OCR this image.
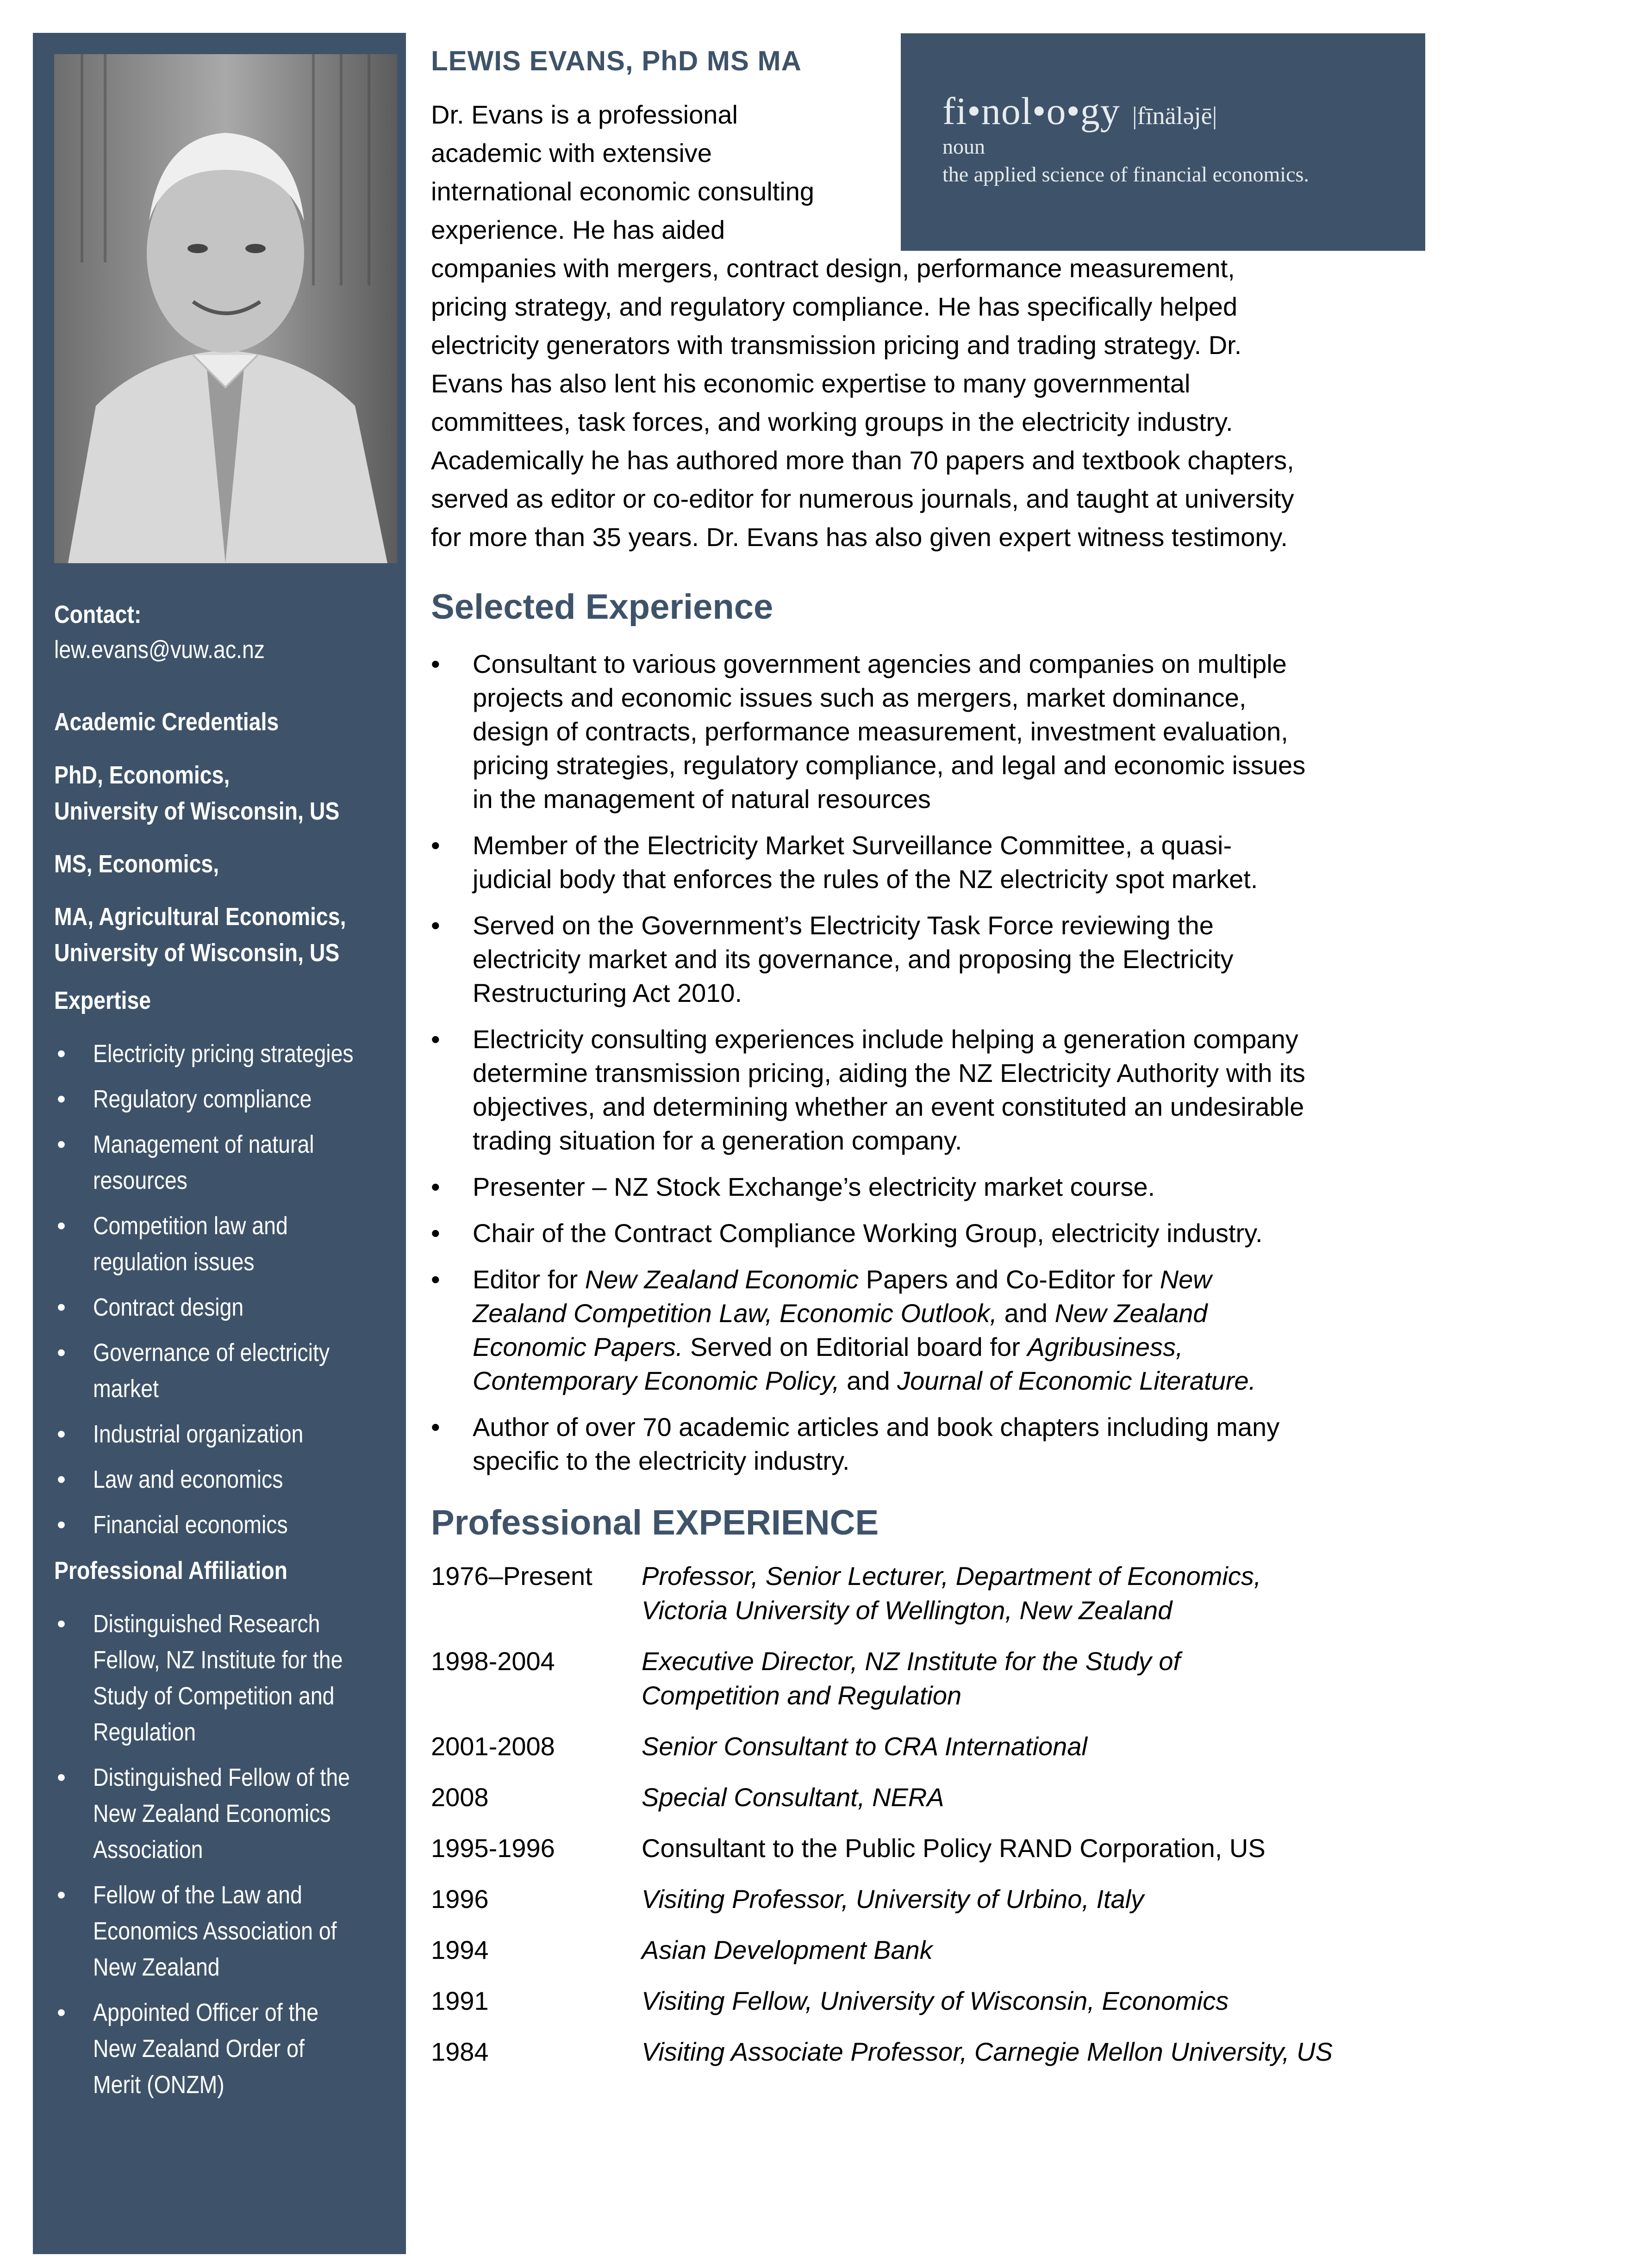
Contact:
lew.evans@vuw.ac.nz
Academic Credentials
PhD, Economics,
University of Wisconsin, US
MS, Economics,
MA, Agricultural Economics,
University of Wisconsin, US
Expertise
•	Electricity pricing strategies
•	Regulatory compliance
•	Management of natural
resources
•	Competition law and
regulation issues
•	Contract design
•	Governance of electricity
market
•	Industrial organization
•	Law and economics
•	Financial economics
Professional Affiliation
•	Distinguished Research
Fellow, NZ Institute for the
Study of Competition and
Regulation
•	Distinguished Fellow of the
New Zealand Economics
Association
•	Fellow of the Law and
Economics Association of
New Zealand
•	Appointed Officer of the
New Zealand Order of
Merit (ONZM)
fi•nol•o•gy |fīnäləjē|
noun
the applied science of financial economics.
LEWIS EVANS, PhD MS MA
Dr. Evans is a professional
academic with extensive
international economic consulting
experience. He has aided
companies with mergers, contract design, performance measurement,
pricing strategy, and regulatory compliance. He has specifically helped
electricity generators with transmission pricing and trading strategy. Dr.
Evans has also lent his economic expertise to many governmental
committees, task forces, and working groups in the electricity industry.
Academically he has authored more than 70 papers and textbook chapters,
served as editor or co-editor for numerous journals, and taught at university
for more than 35 years. Dr. Evans has also given expert witness testimony.
Selected Experience
• Consultant to various government agencies and companies on multiple
projects and economic issues such as mergers, market dominance,
design of contracts, performance measurement, investment evaluation,
pricing strategies, regulatory compliance, and legal and economic issues
in the management of natural resources
• Member of the Electricity Market Surveillance Committee, a quasi-
judicial body that enforces the rules of the NZ electricity spot market.
• Served on the Government’s Electricity Task Force reviewing the
electricity market and its governance, and proposing the Electricity
Restructuring Act 2010.
• Electricity consulting experiences include helping a generation company
determine transmission pricing, aiding the NZ Electricity Authority with its
objectives, and determining whether an event constituted an undesirable
trading situation for a generation company.
• Presenter – NZ Stock Exchange’s electricity market course.
• Chair of the Contract Compliance Working Group, electricity industry.
• Editor for New Zealand Economic Papers and Co-Editor for New
Zealand Competition Law, Economic Outlook, and New Zealand
Economic Papers. Served on Editorial board for Agribusiness,
Contemporary Economic Policy, and Journal of Economic Literature.
• Author of over 70 academic articles and book chapters including many
specific to the electricity industry.
Professional EXPERIENCE
1976–Present	Professor, Senior Lecturer, Department of Economics,
Victoria University of Wellington, New Zealand
1998-2004	Executive Director, NZ Institute for the Study of
Competition and Regulation
2001-2008	Senior Consultant to CRA International
2008	Special Consultant, NERA
1995-1996	Consultant to the Public Policy RAND Corporation, US
1996	Visiting Professor, University of Urbino, Italy
1994	Asian Development Bank
1991	Visiting Fellow, University of Wisconsin, Economics
1984	Visiting Associate Professor, Carnegie Mellon University, US
